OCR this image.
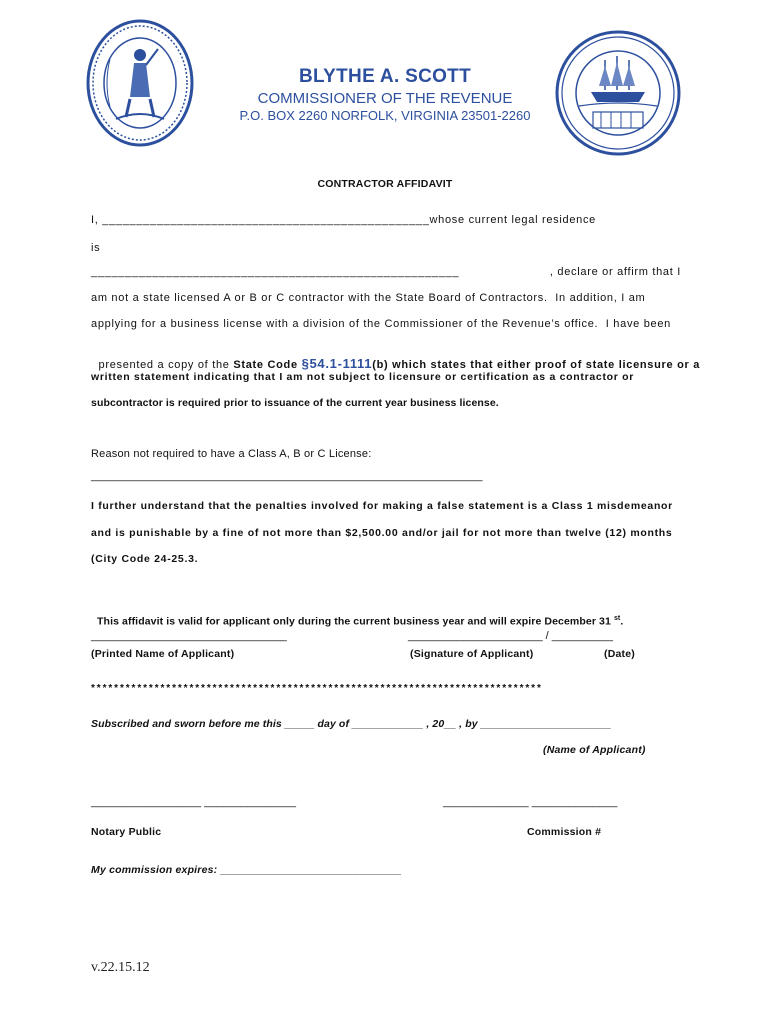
BLYTHE A. SCOTT
COMMISSIONER OF THE REVENUE
P.O. BOX 2260 NORFOLK, VIRGINIA 23501-2260
CONTRACTOR AFFIDAVIT
I, ________________________________________________whose current legal residence
is
______________________________________________________	, declare or affirm that I
am not a state licensed A or B or C contractor with the State Board of Contractors.  In addition, I am
applying for a business license with a division of the Commissioner of the Revenue’s office.  I have been

presented a copy of the State Code §54.1-1111(b) which states that either proof of state licensure or a

written statement indicating that I am not subject to licensure or certification as a contractor or
subcontractor is required prior to issuance of the current year business license.
Reason not required to have a Class A, B or C License:
________________________________________________________________
I further understand that the penalties involved for making a false statement is a Class 1 misdemeanor
and is punishable by a fine of not more than $2,500.00 and/or jail for not more than twelve (12) months
(City Code 24-25.3.

This affidavit is valid for applicant only during the current business year and will expire December 31 $^{st}$.

________________________________	______________________ / __________
(Printed Name of Applicant)	(Signature of Applicant)	(Date)
******************************************************************************
Subscribed and sworn before me this _____ day of ____________ , 20__ , by ______________________
(Name of Applicant)
__________________ _______________	______________ ______________
Notary Public	Commission #
My commission expires: ______________________________
v.22.15.12
